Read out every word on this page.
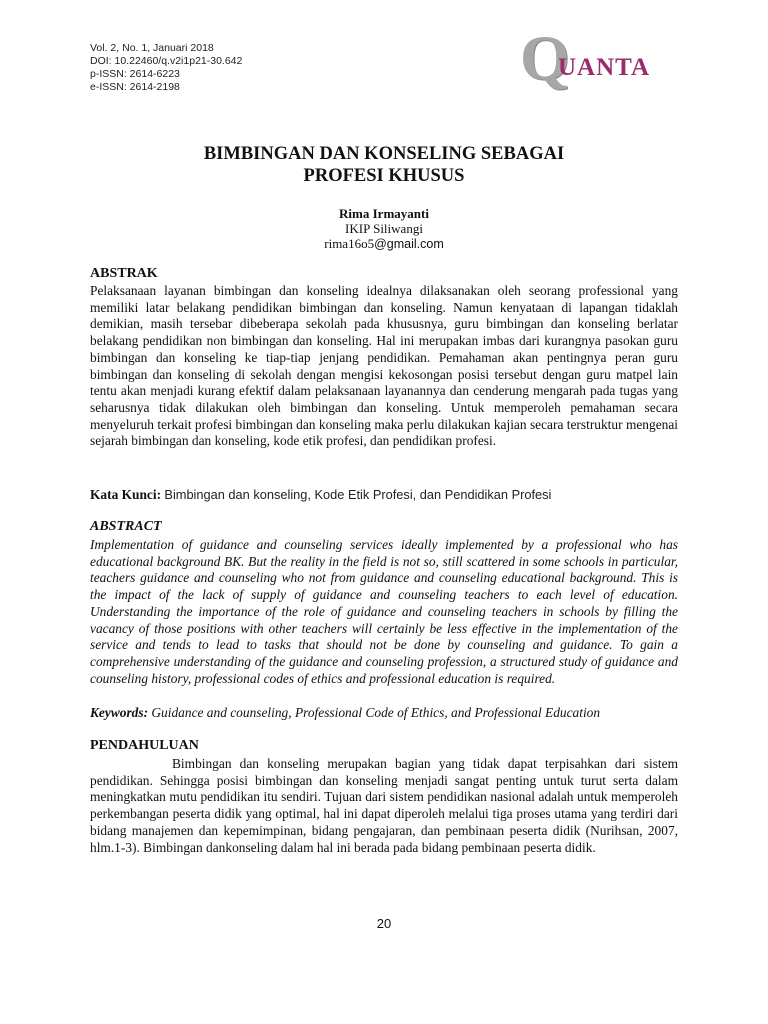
Vol. 2, No. 1, Januari 2018
DOI: 10.22460/q.v2i1p21-30.642
p-ISSN: 2614-6223
e-ISSN: 2614-2198	Q
UANTA
BIMBINGAN DAN KONSELING SEBAGAI
PROFESI KHUSUS
Rima Irmayanti
IKIP Siliwangi
rima16o5@gmail.com
ABSTRAK

Pelaksanaan layanan bimbingan dan konseling idealnya dilaksanakan oleh seorang professional yang memiliki latar belakang pendidikan bimbingan dan konseling. Namun kenyataan di lapangan tidaklah demikian, masih tersebar dibeberapa sekolah pada khususnya, guru bimbingan dan konseling berlatar belakang pendidikan non bimbingan dan konseling. Hal ini merupakan imbas dari kurangnya pasokan guru bimbingan dan konseling ke tiap-tiap jenjang pendidikan. Pemahaman akan pentingnya peran guru bimbingan dan konseling di sekolah dengan mengisi kekosongan posisi tersebut dengan guru matpel lain tentu akan menjadi kurang efektif dalam pelaksanaan layanannya dan cenderung mengarah pada tugas yang seharusnya tidak dilakukan oleh bimbingan dan konseling. Untuk memperoleh pemahaman secara menyeluruh terkait profesi bimbingan dan konseling maka perlu dilakukan kajian secara terstruktur mengenai sejarah bimbingan dan konseling, kode etik profesi, dan pendidikan profesi.

Kata Kunci: Bimbingan dan konseling, Kode Etik Profesi, dan Pendidikan Profesi
ABSTRACT

Implementation of guidance and counseling services ideally implemented by a professional who has educational background BK. But the reality in the field is not so, still scattered in some schools in particular, teachers guidance and counseling who not from guidance and counseling educational background. This is the impact of the lack of supply of guidance and counseling teachers to each level of education. Understanding the importance of the role of guidance and counseling teachers in schools by filling the vacancy of those positions with other teachers will certainly be less effective in the implementation of the service and tends to lead to tasks that should not be done by counseling and guidance. To gain a comprehensive understanding of the guidance and counseling profession, a structured study of guidance and counseling history, professional codes of ethics and professional education is required.

Keywords: Guidance and counseling, Professional Code of Ethics, and Professional Education
PENDAHULUAN

Bimbingan dan konseling merupakan bagian yang tidak dapat terpisahkan dari sistem pendidikan. Sehingga posisi bimbingan dan konseling menjadi sangat penting untuk turut serta dalam meningkatkan mutu pendidikan itu sendiri. Tujuan dari sistem pendidikan nasional adalah untuk memperoleh perkembangan peserta didik yang optimal, hal ini dapat diperoleh melalui tiga proses utama yang terdiri dari bidang manajemen dan kepemimpinan, bidang pengajaran, dan pembinaan peserta didik (Nurihsan, 2007, hlm.1-3). Bimbingan dankonseling dalam hal ini berada pada bidang pembinaan peserta didik.

20
